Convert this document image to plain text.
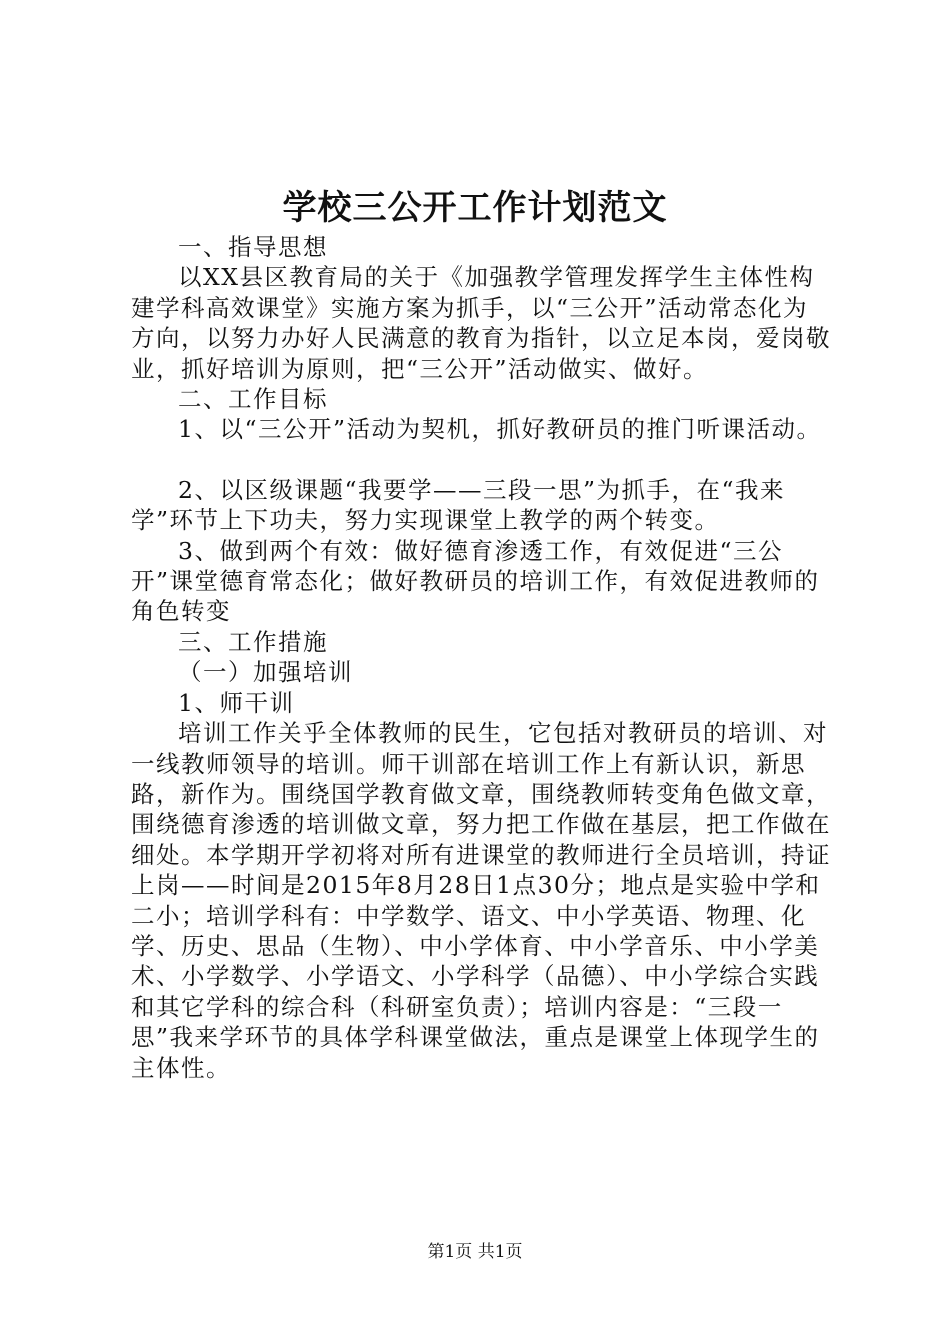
学校三公开工作计划范文

一、指导思想

以XX县区教育局的关于《加强教学管理发挥学生主体性构建学科高效课堂》实施方案为抓手，以“三公开”活动常态化为方向，以努力办好人民满意的教育为指针，以立足本岗，爱岗敬业，抓好培训为原则，把“三公开”活动做实、做好。

二、工作目标

1、以“三公开”活动为契机，抓好教研员的推门听课活动。

2、以区级课题“我要学——三段一思”为抓手，在“我来学”环节上下功夫，努力实现课堂上教学的两个转变。

3、做到两个有效：做好德育渗透工作，有效促进“三公开”课堂德育常态化；做好教研员的培训工作，有效促进教师的角色转变

三、工作措施

（一）加强培训

1、师干训

培训工作关乎全体教师的民生，它包括对教研员的培训、对一线教师领导的培训。师干训部在培训工作上有新认识，新思路，新作为。围绕国学教育做文章，围绕教师转变角色做文章，围绕德育渗透的培训做文章，努力把工作做在基层，把工作做在细处。本学期开学初将对所有进课堂的教师进行全员培训，持证上岗——时间是2015年8月28日1点30分；地点是实验中学和二小；培训学科有：中学数学、语文、中小学英语、物理、化学、历史、思品（生物）、中小学体育、中小学音乐、中小学美术、小学数学、小学语文、小学科学（品德）、中小学综合实践和其它学科的综合科（科研室负责）；培训内容是：“三段一思”我来学环节的具体学科课堂做法，重点是课堂上体现学生的主体性。

第1页 共1页
